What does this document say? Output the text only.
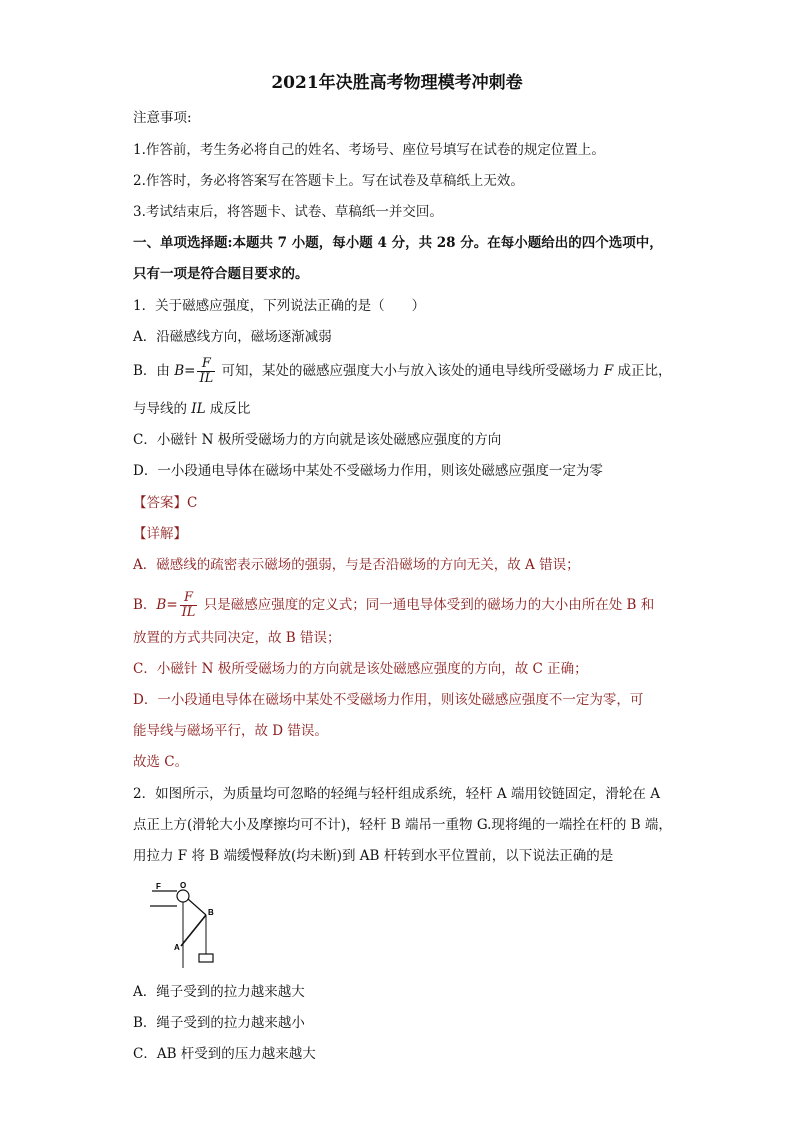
2021年决胜高考物理模考冲刺卷
注意事项:
1.作答前，考生务必将自己的姓名、考场号、座位号填写在试卷的规定位置上。
2.作答时，务必将答案写在答题卡上。写在试卷及草稿纸上无效。
3.考试结束后，将答题卡、试卷、草稿纸一并交回。
一、单项选择题:本题共 7 小题，每小题 4 分，共 28 分。在每小题给出的四个选项中，
只有一项是符合题目要求的。
1．关于磁感应强度，下列说法正确的是（　　）
A．沿磁感线方向，磁场逐渐减弱
B．由 $B= \frac{F}{IL}$ 可知，某处的磁感应强度大小与放入该处的通电导线所受磁场力 F 成正比，
与导线的 IL 成反比
C．小磁针 N 极所受磁场力的方向就是该处磁感应强度的方向
D．一小段通电导体在磁场中某处不受磁场力作用，则该处磁感应强度一定为零
【答案】C
【详解】
A．磁感线的疏密表示磁场的强弱，与是否沿磁场的方向无关，故 A 错误；
B．$B= \frac{F}{IL}$ 只是磁感应强度的定义式；同一通电导体受到的磁场力的大小由所在处 B 和
放置的方式共同决定，故 B 错误；
C．小磁针 N 极所受磁场力的方向就是该处磁感应强度的方向，故 C 正确；
D．一小段通电导体在磁场中某处不受磁场力作用，则该处磁感应强度不一定为零，可
能导线与磁场平行，故 D 错误。
故选 C。
2．如图所示，为质量均可忽略的轻绳与轻杆组成系统，轻杆 A 端用铰链固定，滑轮在 A
点正上方(滑轮大小及摩擦均可不计)，轻杆 B 端吊一重物 G.现将绳的一端拴在杆的 B 端，
用拉力 F 将 B 端缓慢释放(均未断)到 AB 杆转到水平位置前，以下说法正确的是
F O
B
A
A．绳子受到的拉力越来越大
B．绳子受到的拉力越来越小
C．AB 杆受到的压力越来越大
